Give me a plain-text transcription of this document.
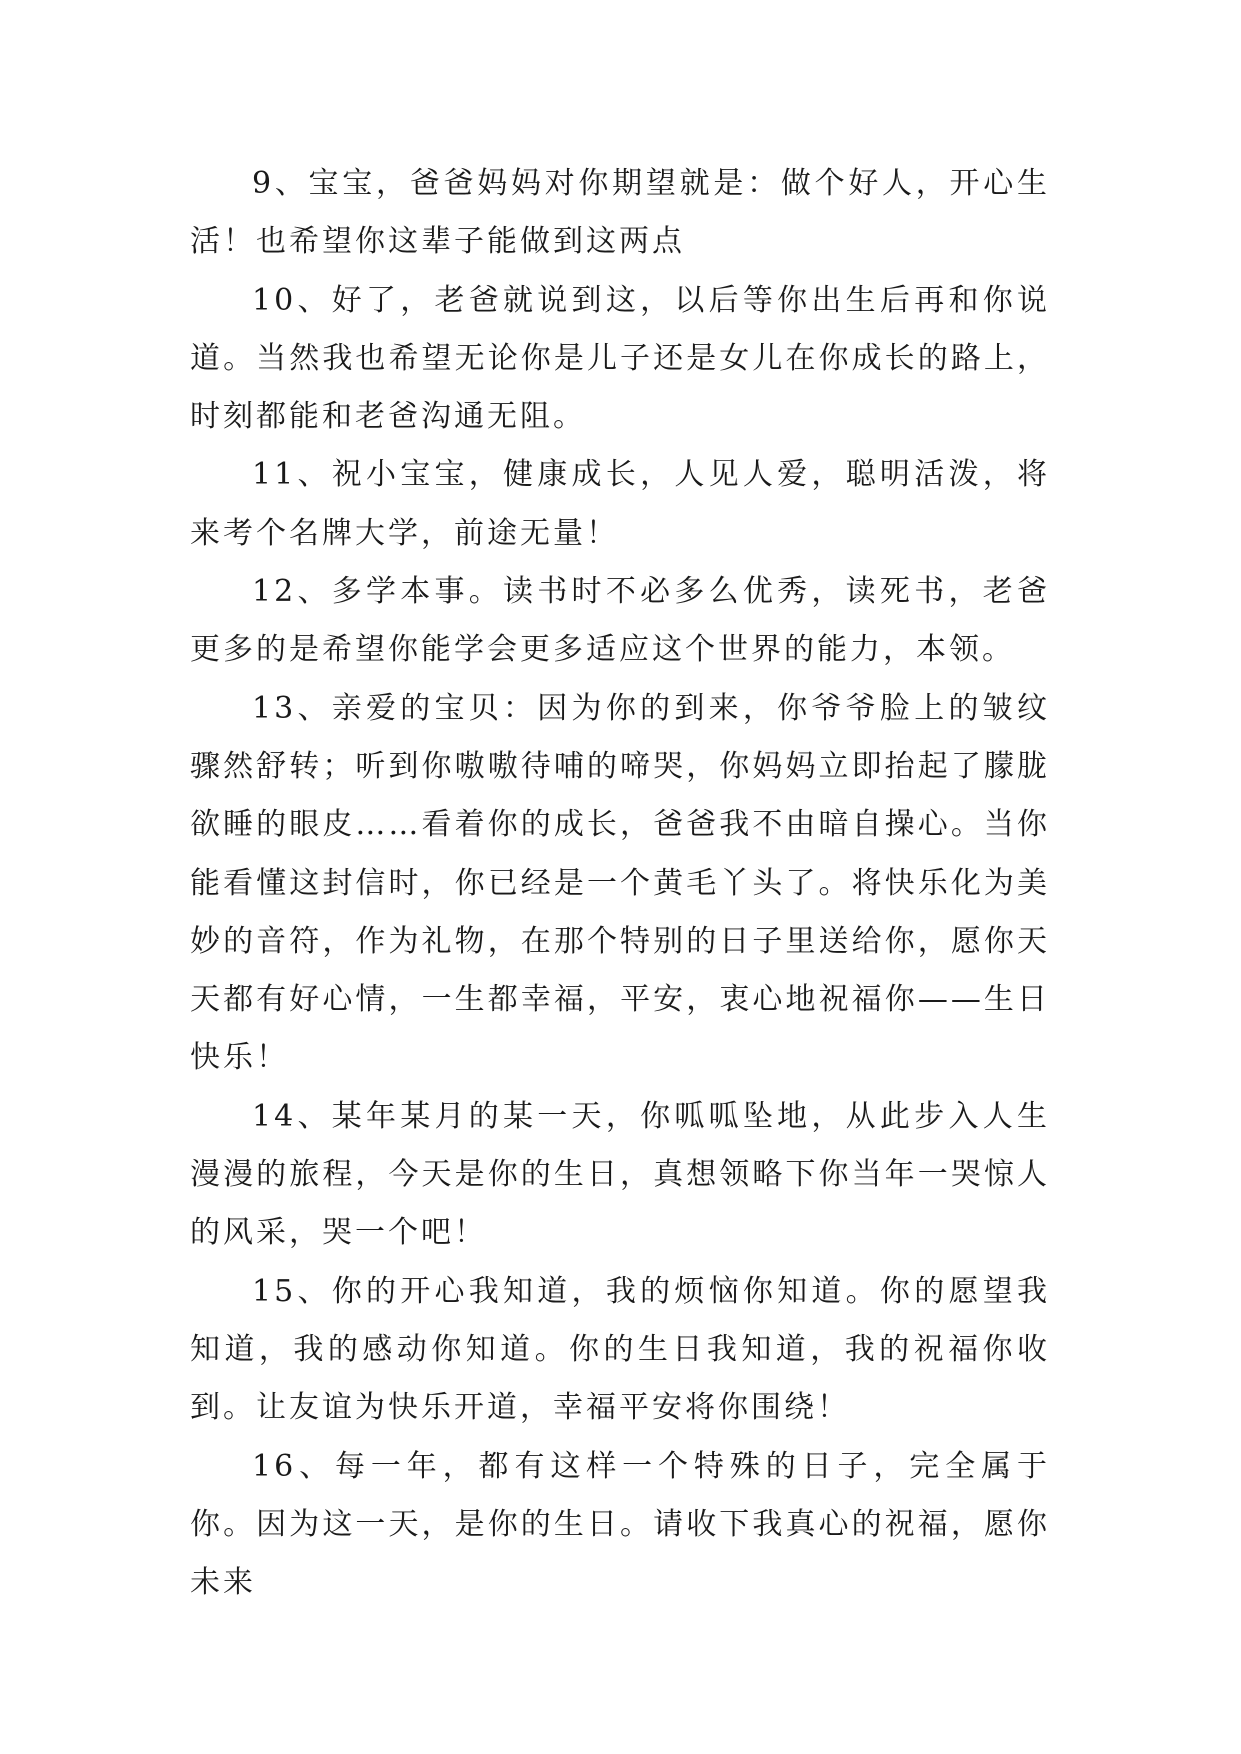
9、宝宝，爸爸妈妈对你期望就是：做个好人，开心生活！也希望你这辈子能做到这两点

10、好了，老爸就说到这，以后等你出生后再和你说道。当然我也希望无论你是儿子还是女儿在你成长的路上，时刻都能和老爸沟通无阻。

11、祝小宝宝，健康成长，人见人爱，聪明活泼，将来考个名牌大学，前途无量！

12、多学本事。读书时不必多么优秀，读死书，老爸更多的是希望你能学会更多适应这个世界的能力，本领。

13、亲爱的宝贝：因为你的到来，你爷爷脸上的皱纹骤然舒转；听到你嗷嗷待哺的啼哭，你妈妈立即抬起了朦胧欲睡的眼皮……看着你的成长，爸爸我不由暗自操心。当你能看懂这封信时，你已经是一个黄毛丫头了。将快乐化为美妙的音符，作为礼物，在那个特别的日子里送给你，愿你天天都有好心情，一生都幸福，平安，衷心地祝福你——生日快乐！

14、某年某月的某一天，你呱呱坠地，从此步入人生漫漫的旅程，今天是你的生日，真想领略下你当年一哭惊人的风采，哭一个吧！

15、你的开心我知道，我的烦恼你知道。你的愿望我知道，我的感动你知道。你的生日我知道，我的祝福你收到。让友谊为快乐开道，幸福平安将你围绕！

16、每一年，都有这样一个特殊的日子，完全属于你。因为这一天，是你的生日。请收下我真心的祝福，愿你未来
